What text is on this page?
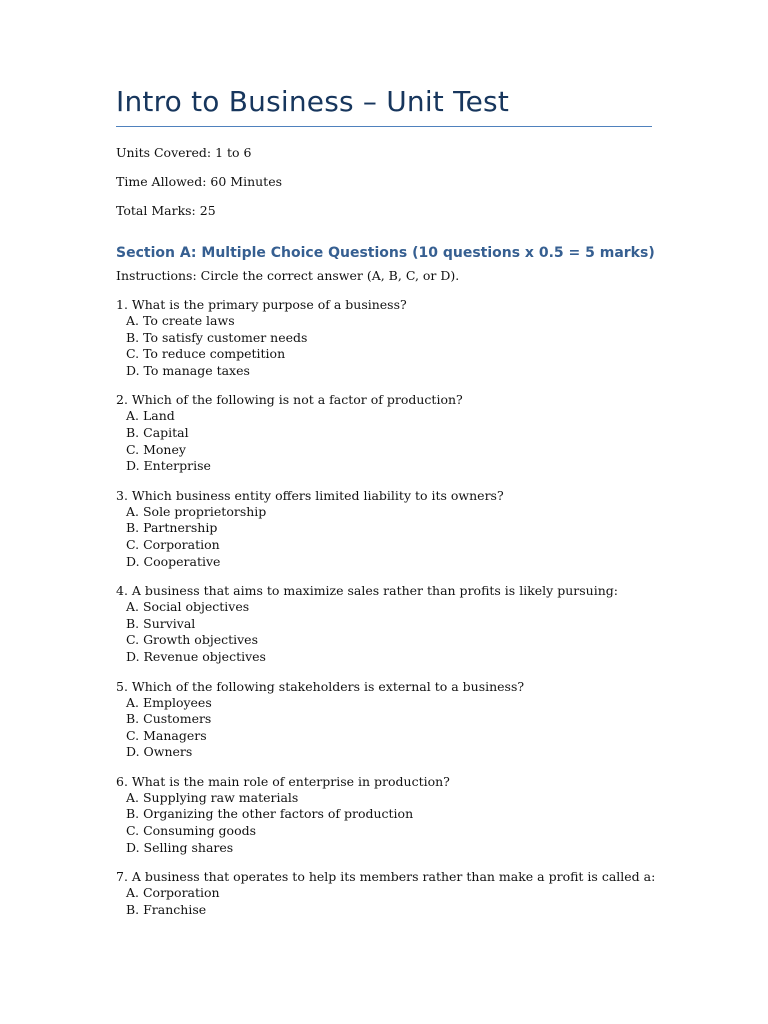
Intro to Business – Unit Test

Units Covered: 1 to 6

Time Allowed: 60 Minutes

Total Marks: 25

Section A: Multiple Choice Questions (10 questions x 0.5 = 5 marks)

Instructions: Circle the correct answer (A, B, C, or D).

1. What is the primary purpose of a business?
A. To create laws
B. To satisfy customer needs
C. To reduce competition
D. To manage taxes
2. Which of the following is not a factor of production?
A. Land
B. Capital
C. Money
D. Enterprise
3. Which business entity offers limited liability to its owners?
A. Sole proprietorship
B. Partnership
C. Corporation
D. Cooperative
4. A business that aims to maximize sales rather than profits is likely pursuing:
A. Social objectives
B. Survival
C. Growth objectives
D. Revenue objectives
5. Which of the following stakeholders is external to a business?
A. Employees
B. Customers
C. Managers
D. Owners
6. What is the main role of enterprise in production?
A. Supplying raw materials
B. Organizing the other factors of production
C. Consuming goods
D. Selling shares
7. A business that operates to help its members rather than make a profit is called a:
A. Corporation
B. Franchise
